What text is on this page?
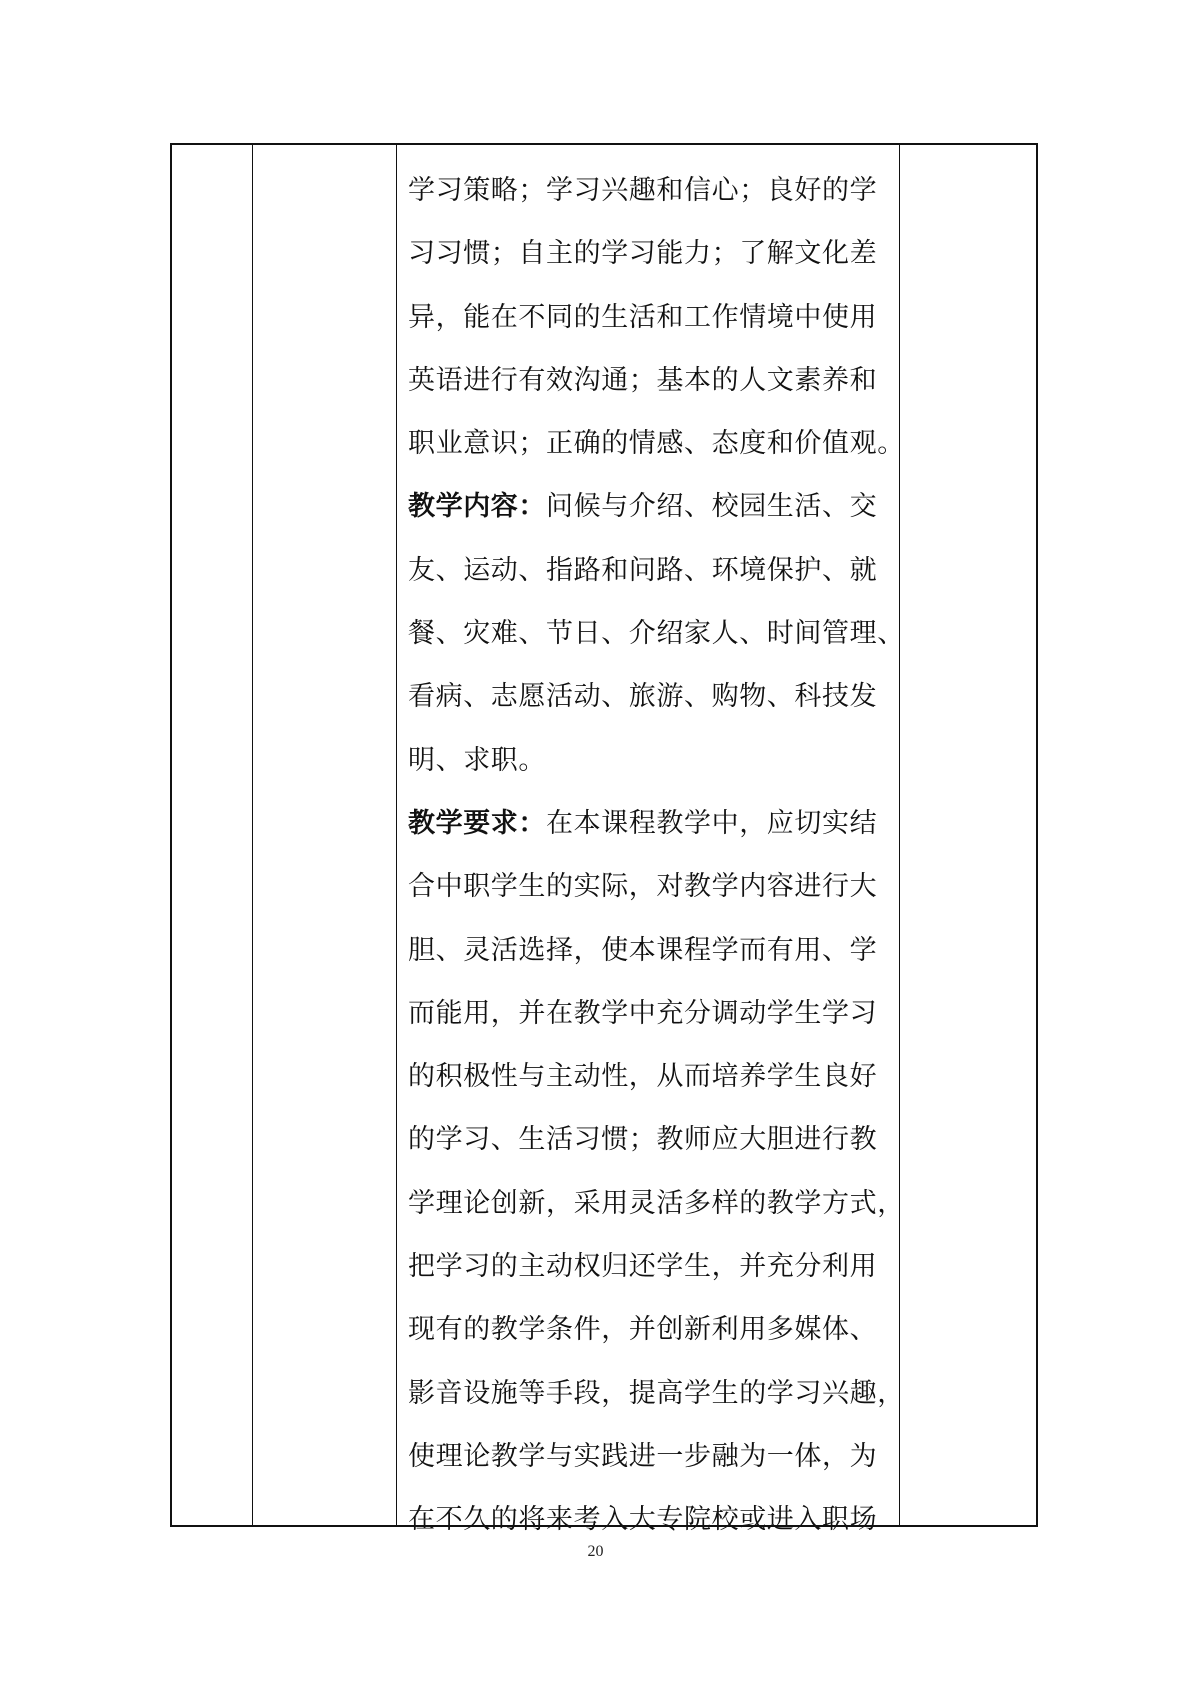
学习策略；学习兴趣和信心；良好的学
习习惯；自主的学习能力；了解文化差
异，能在不同的生活和工作情境中使用
英语进行有效沟通；基本的人文素养和
职业意识；正确的情感、态度和价值观。
教学内容：问候与介绍、校园生活、交
友、运动、指路和问路、环境保护、就
餐、灾难、节日、介绍家人、时间管理、
看病、志愿活动、旅游、购物、科技发
明、求职。
教学要求：在本课程教学中，应切实结
合中职学生的实际，对教学内容进行大
胆、灵活选择，使本课程学而有用、学
而能用，并在教学中充分调动学生学习
的积极性与主动性，从而培养学生良好
的学习、生活习惯；教师应大胆进行教
学理论创新，采用灵活多样的教学方式，
把学习的主动权归还学生，并充分利用
现有的教学条件，并创新利用多媒体、
影音设施等手段，提高学生的学习兴趣，
使理论教学与实践进一步融为一体，为
在不久的将来考入大专院校或进入职场
20
